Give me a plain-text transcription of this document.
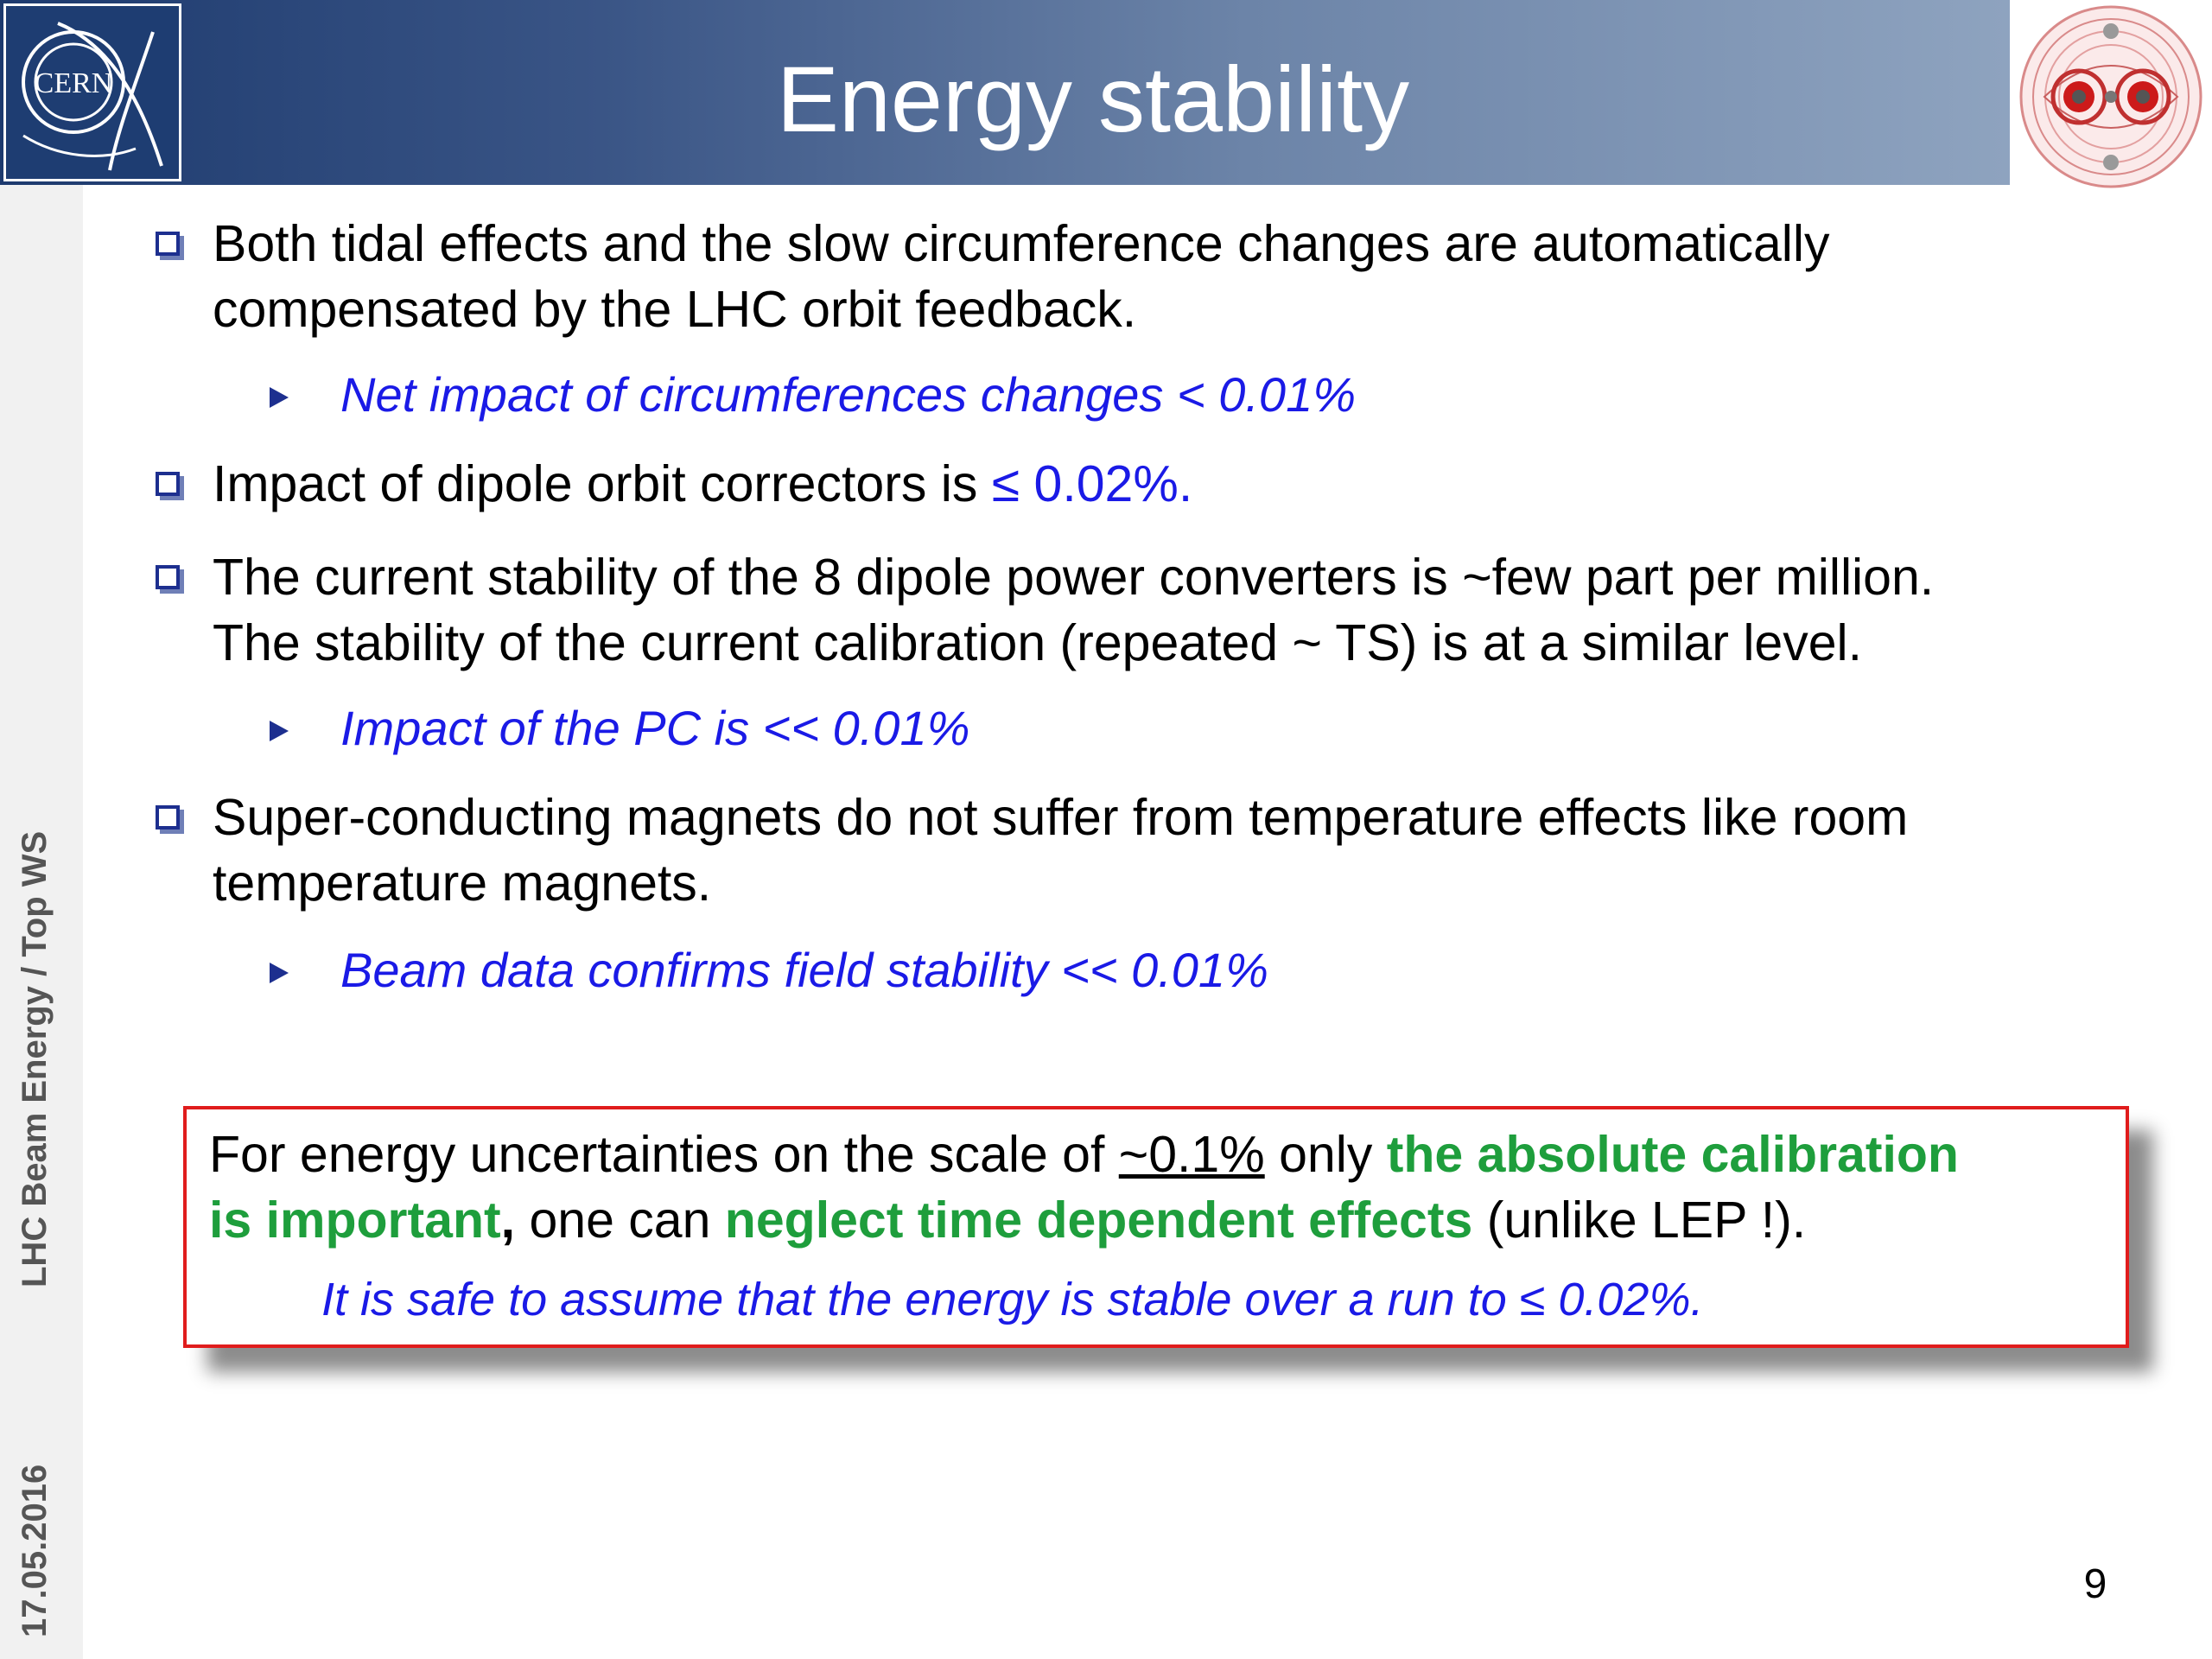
CERN	Energy stability
LHC Beam Energy / Top WS
17.05.2016
Both tidal effects and the slow circumference changes are automatically
compensated by the LHC orbit feedback.
Net impact of circumferences changes < 0.01%
Impact of dipole orbit correctors is ≤ 0.02%.
The current stability of the 8 dipole power converters is ~few part per million.
The stability of the current calibration (repeated ~ TS) is at a similar level.
Impact of the PC is << 0.01%
Super-conducting magnets do not suffer from temperature effects like room
temperature magnets.
Beam data confirms field stability << 0.01%
For energy uncertainties on the scale of ~0.1% only the absolute calibration
is important, one can neglect time dependent effects (unlike LEP !).
It is safe to assume that the energy is stable over a run to ≤ 0.02%.
9
